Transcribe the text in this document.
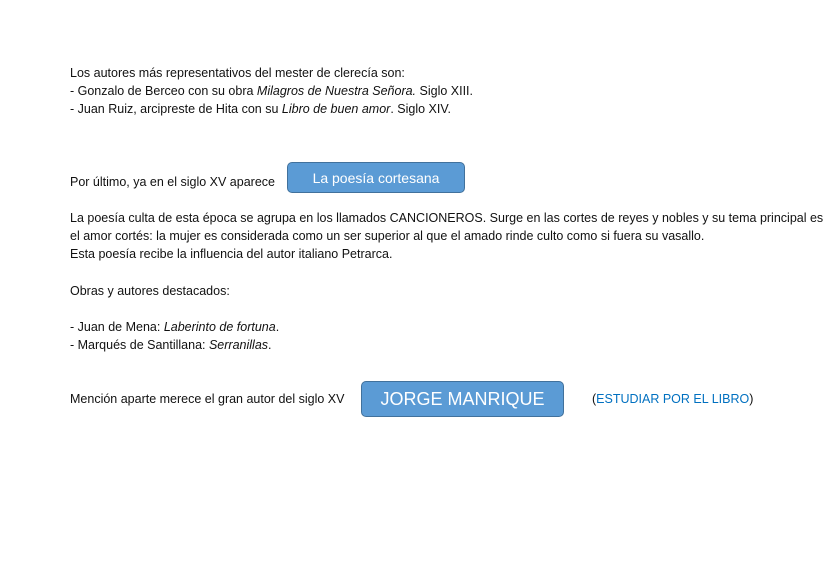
Los autores más representativos del mester de clerecía son:
- Gonzalo de Berceo con su obra Milagros de Nuestra Señora. Siglo XIII.
- Juan Ruiz, arcipreste de Hita con su Libro de buen amor. Siglo XIV.
Por último, ya en el siglo XV aparece	La poesía cortesana
La poesía culta de esta época se agrupa en los llamados CANCIONEROS. Surge en las cortes de reyes y nobles y su tema principal es
el amor cortés: la mujer es considerada como un ser superior al que el amado rinde culto como si fuera su vasallo.
Esta poesía recibe la influencia del autor italiano Petrarca.
Obras y autores destacados:
- Juan de Mena: Laberinto de fortuna.
- Marqués de Santillana: Serranillas.
Mención aparte merece el gran autor del siglo XV JORGE MANRIQUE	(ESTUDIAR POR EL LIBRO)
